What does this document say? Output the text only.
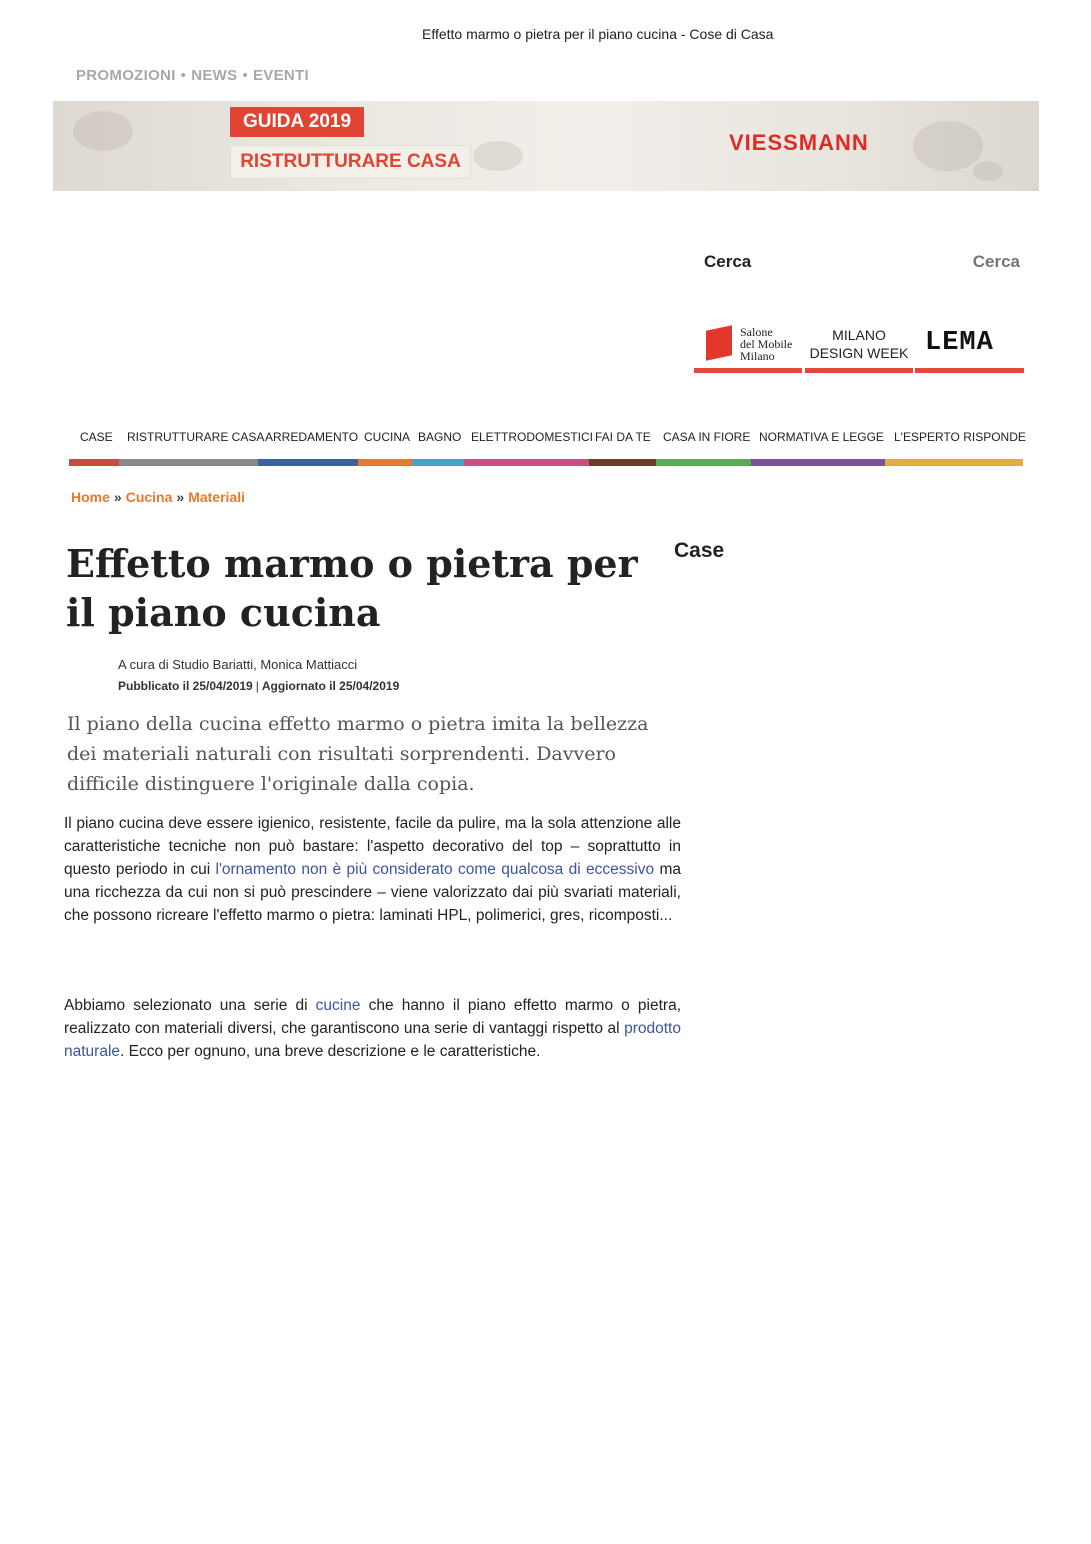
Effetto marmo o pietra per il piano cucina - Cose di Casa
PROMOZIONI • NEWS • EVENTI
GUIDA 2019
RISTRUTTURARE CASA
VIESSMANN
Cerca
Cerca
Salone
del Mobile
Milano
MILANO
DESIGN WEEK LEMA
CASE RISTRUTTURARE CASA ARREDAMENTO CUCINA BAGNO ELETTRODOMESTICI FAI DA TE CASA IN FIORE NORMATIVA E LEGGE L'ESPERTO RISPONDE
Home » Cucina » Materiali
Case
Effetto marmo o pietra per il piano cucina
A cura di Studio Bariatti, Monica Mattiacci
Pubblicato il 25/04/2019 | Aggiornato il 25/04/2019
Il piano della cucina effetto marmo o pietra imita la bellezza dei materiali naturali con risultati sorprendenti. Davvero difficile distinguere l'originale dalla copia.
Il piano cucina deve essere igienico, resistente, facile da pulire, ma la sola attenzione alle caratteristiche tecniche non può bastare: l'aspetto decorativo del top – soprattutto in questo periodo in cui l'ornamento non è più considerato come qualcosa di eccessivo ma una ricchezza da cui non si può prescindere – viene valorizzato dai più svariati materiali, che possono ricreare l'effetto marmo o pietra: laminati HPL, polimerici, gres, ricomposti...
Abbiamo selezionato una serie di cucine che hanno il piano effetto marmo o pietra, realizzato con materiali diversi, che garantiscono una serie di vantaggi rispetto al prodotto naturale. Ecco per ognuno, una breve descrizione e le caratteristiche.
